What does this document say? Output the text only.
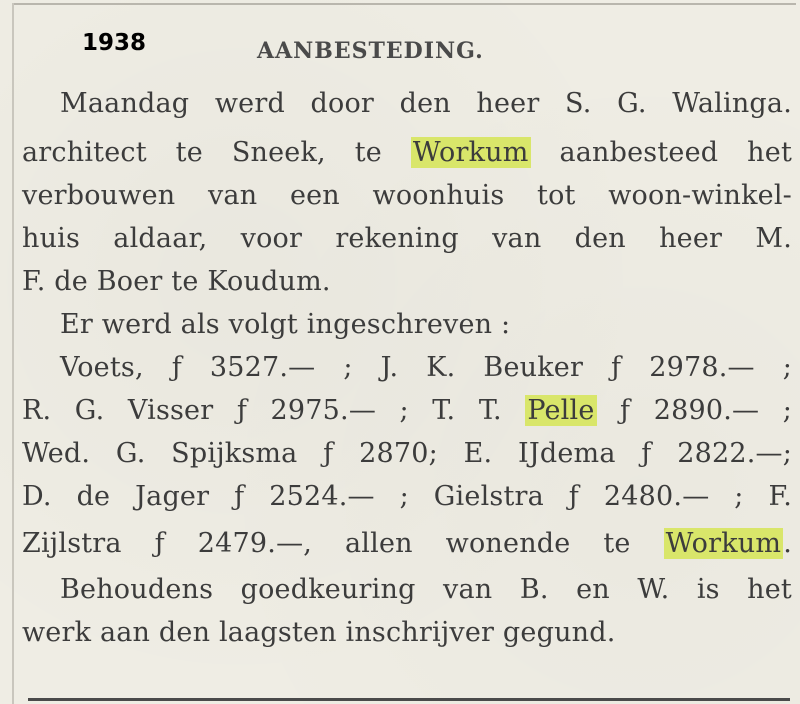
1938	AANBESTEDING.
Maandag werd door den heer S. G. Walinga.
architect te Sneek, te Workum aanbesteed het
verbouwen van een woonhuis tot woon-winkel-
huis aldaar, voor rekening van den heer M.
F. de Boer te Koudum.
Er werd als volgt ingeschreven :
Voets, ƒ 3527.— ; J. K. Beuker ƒ 2978.— ;
R. G. Visser ƒ 2975.— ; T. T. Pelle ƒ 2890.— ;
Wed. G. Spijksma ƒ 2870; E. IJdema ƒ 2822.—;
D. de Jager ƒ 2524.— ; Gielstra ƒ 2480.— ; F.
Zijlstra ƒ 2479.—, allen wonende te Workum.
Behoudens goedkeuring van B. en W. is het
werk aan den laagsten inschrijver gegund.
